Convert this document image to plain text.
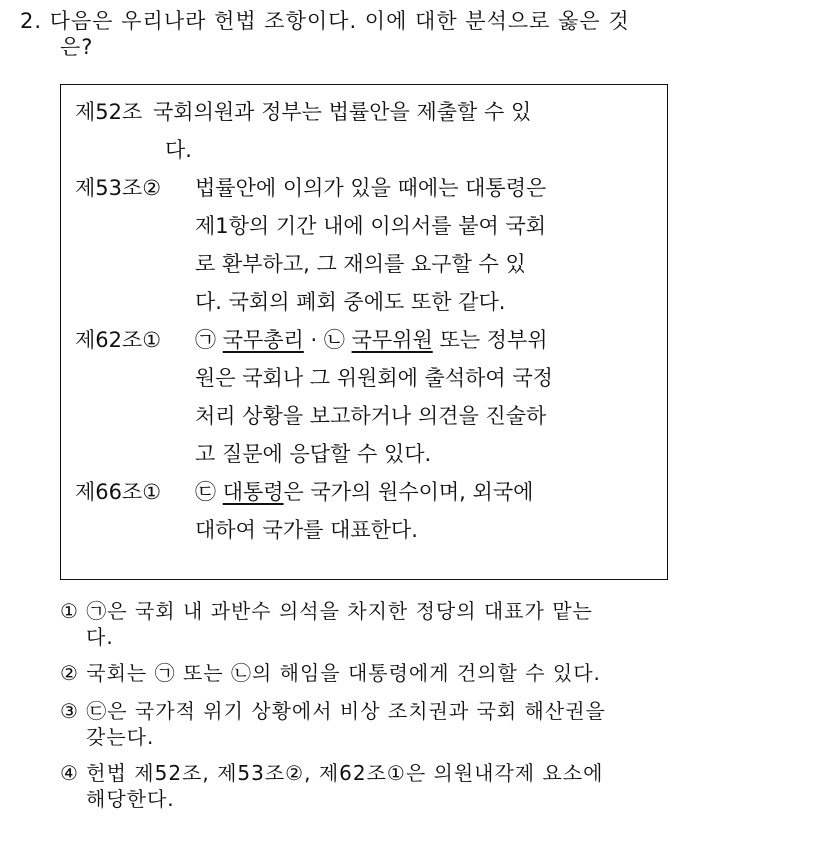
2. 다음은 우리나라 헌법 조항이다. 이에 대한 분석으로 옳은 것
은?
제52조 국회의원과 정부는 법률안을 제출할 수 있
다.
제53조② 법률안에 이의가 있을 때에는 대통령은
제1항의 기간 내에 이의서를 붙여 국회
로 환부하고, 그 재의를 요구할 수 있
다. 국회의 폐회 중에도 또한 같다.
제62조① ㉠ 국무총리 · ㉡ 국무위원 또는 정부위
원은 국회나 그 위원회에 출석하여 국정
처리 상황을 보고하거나 의견을 진술하
고 질문에 응답할 수 있다.
제66조① ㉢ 대통령은 국가의 원수이며, 외국에
대하여 국가를 대표한다.
① ㉠은 국회 내 과반수 의석을 차지한 정당의 대표가 맡는
다.
② 국회는 ㉠ 또는 ㉡의 해임을 대통령에게 건의할 수 있다.
③ ㉢은 국가적 위기 상황에서 비상 조치권과 국회 해산권을
갖는다.
④ 헌법 제52조, 제53조②, 제62조①은 의원내각제 요소에
해당한다.
